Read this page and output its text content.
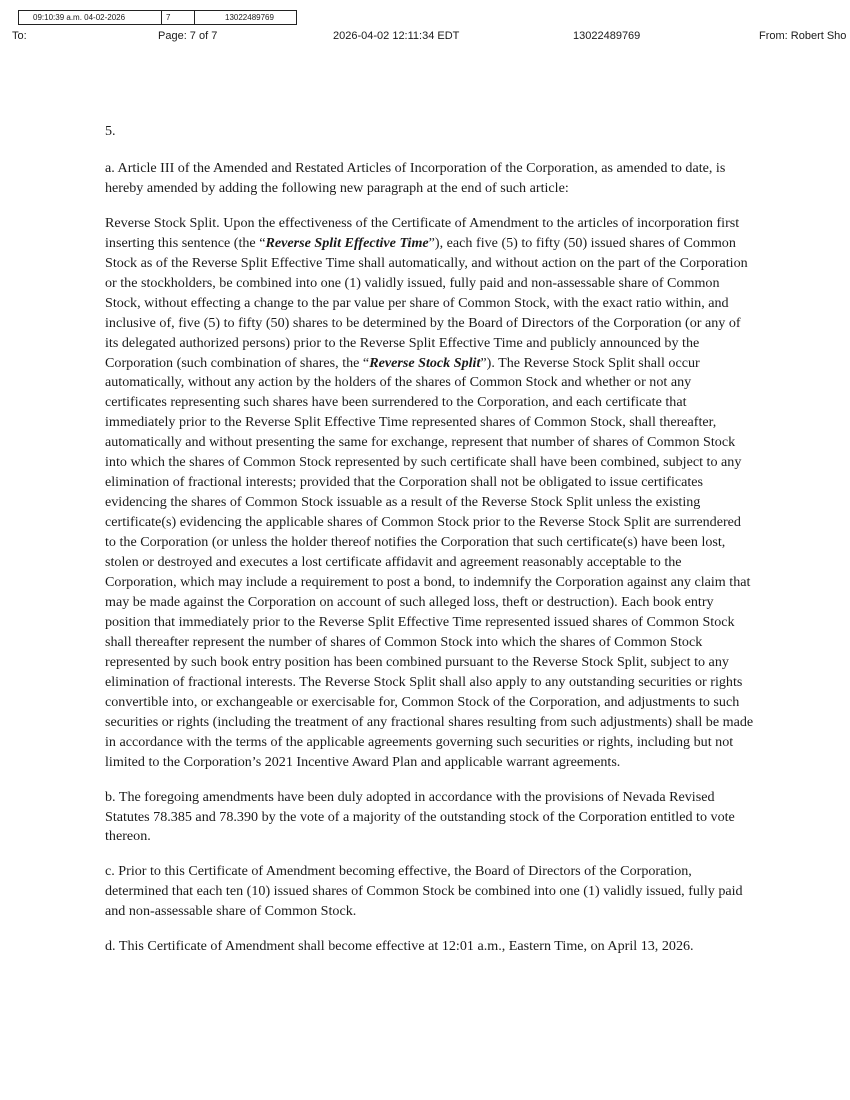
09:10:39 a.m. 04-02-2026	7	13022489769
To:	Page: 7 of 7	2026-04-02 12:11:34 EDT	13022489769	From: Robert Sho

5.

a. Article III of the Amended and Restated Articles of Incorporation of the Corporation, as amended to date, is hereby amended by adding the following new paragraph at the end of such article:

Reverse Stock Split. Upon the effectiveness of the Certificate of Amendment to the articles of incorporation first inserting this sentence (the “Reverse Split Effective Time”), each five (5) to fifty (50) issued shares of Common Stock as of the Reverse Split Effective Time shall automatically, and without action on the part of the Corporation or the stockholders, be combined into one (1) validly issued, fully paid and non-assessable share of Common Stock, without effecting a change to the par value per share of Common Stock, with the exact ratio within, and inclusive of, five (5) to fifty (50) shares to be determined by the Board of Directors of the Corporation (or any of its delegated authorized persons) prior to the Reverse Split Effective Time and publicly announced by the Corporation (such combination of shares, the “Reverse Stock Split”). The Reverse Stock Split shall occur automatically, without any action by the holders of the shares of Common Stock and whether or not any certificates representing such shares have been surrendered to the Corporation, and each certificate that immediately prior to the Reverse Split Effective Time represented shares of Common Stock, shall thereafter, automatically and without presenting the same for exchange, represent that number of shares of Common Stock into which the shares of Common Stock represented by such certificate shall have been combined, subject to any elimination of fractional interests; provided that the Corporation shall not be obligated to issue certificates evidencing the shares of Common Stock issuable as a result of the Reverse Stock Split unless the existing certificate(s) evidencing the applicable shares of Common Stock prior to the Reverse Stock Split are surrendered to the Corporation (or unless the holder thereof notifies the Corporation that such certificate(s) have been lost, stolen or destroyed and executes a lost certificate affidavit and agreement reasonably acceptable to the Corporation, which may include a requirement to post a bond, to indemnify the Corporation against any claim that may be made against the Corporation on account of such alleged loss, theft or destruction). Each book entry position that immediately prior to the Reverse Split Effective Time represented issued shares of Common Stock shall thereafter represent the number of shares of Common Stock into which the shares of Common Stock represented by such book entry position has been combined pursuant to the Reverse Stock Split, subject to any elimination of fractional interests. The Reverse Stock Split shall also apply to any outstanding securities or rights convertible into, or exchangeable or exercisable for, Common Stock of the Corporation, and adjustments to such securities or rights (including the treatment of any fractional shares resulting from such adjustments) shall be made in accordance with the terms of the applicable agreements governing such securities or rights, including but not limited to the Corporation’s 2021 Incentive Award Plan and applicable warrant agreements.

b. The foregoing amendments have been duly adopted in accordance with the provisions of Nevada Revised Statutes 78.385 and 78.390 by the vote of a majority of the outstanding stock of the Corporation entitled to vote thereon.

c. Prior to this Certificate of Amendment becoming effective, the Board of Directors of the Corporation, determined that each ten (10) issued shares of Common Stock be combined into one (1) validly issued, fully paid and non-assessable share of Common Stock.

d. This Certificate of Amendment shall become effective at 12:01 a.m., Eastern Time, on April 13, 2026.
